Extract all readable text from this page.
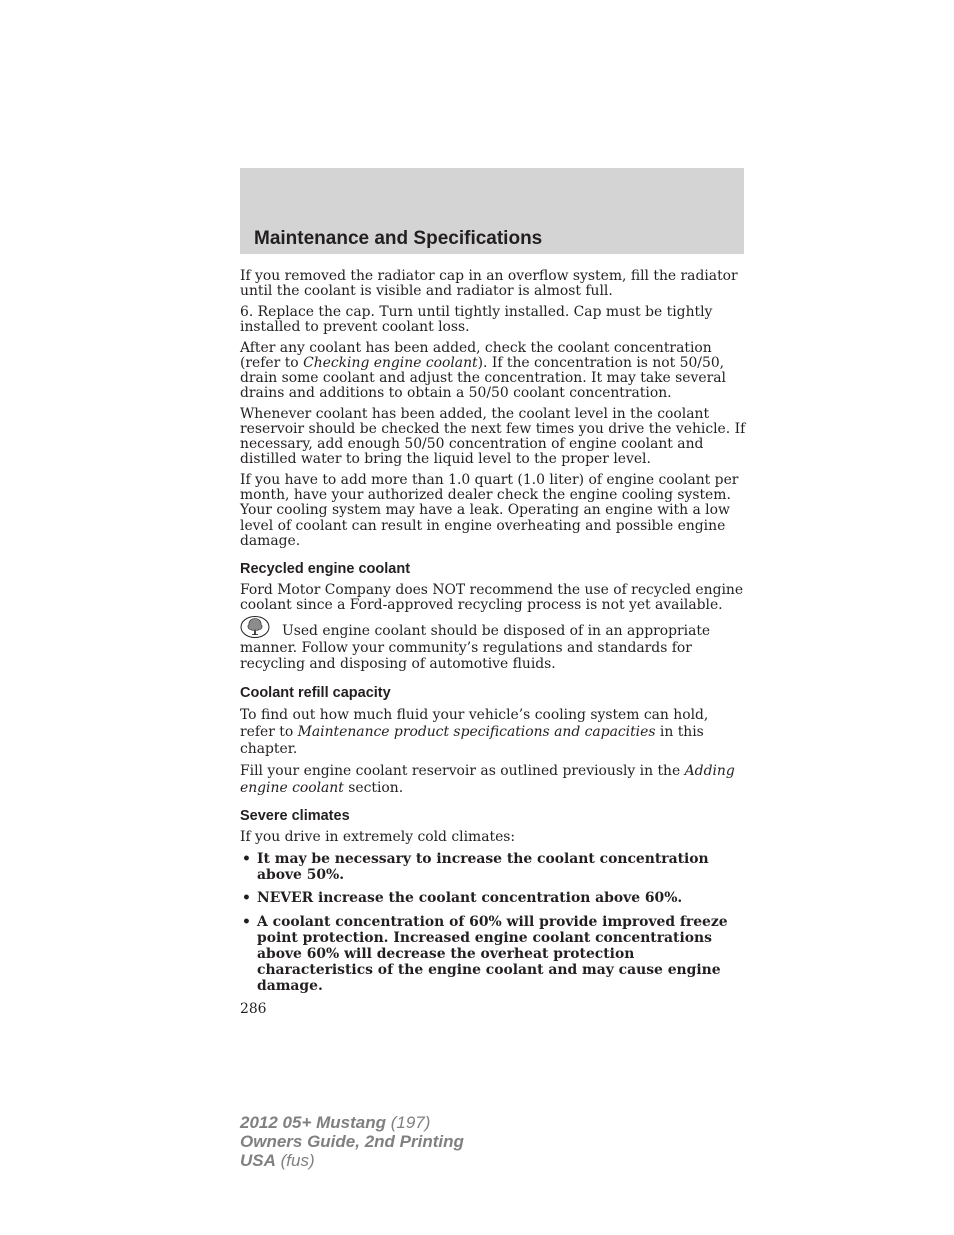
Maintenance and Specifications

If you removed the radiator cap in an overflow system, fill the radiator until the coolant is visible and radiator is almost full.

6. Replace the cap. Turn until tightly installed. Cap must be tightly installed to prevent coolant loss.

After any coolant has been added, check the coolant concentration (refer to Checking engine coolant). If the concentration is not 50/50, drain some coolant and adjust the concentration. It may take several drains and additions to obtain a 50/50 coolant concentration.

Whenever coolant has been added, the coolant level in the coolant reservoir should be checked the next few times you drive the vehicle. If necessary, add enough 50/50 concentration of engine coolant and distilled water to bring the liquid level to the proper level.

If you have to add more than 1.0 quart (1.0 liter) of engine coolant per month, have your authorized dealer check the engine cooling system. Your cooling system may have a leak. Operating an engine with a low level of coolant can result in engine overheating and possible engine damage.

Recycled engine coolant

Ford Motor Company does NOT recommend the use of recycled engine coolant since a Ford-approved recycling process is not yet available.

Used engine coolant should be disposed of in an appropriate manner. Follow your community’s regulations and standards for recycling and disposing of automotive fluids.

Coolant refill capacity

To find out how much fluid your vehicle’s cooling system can hold, refer to Maintenance product specifications and capacities in this chapter.

Fill your engine coolant reservoir as outlined previously in the Adding engine coolant section.

Severe climates

If you drive in extremely cold climates:

• It may be necessary to increase the coolant concentration above 50%.
• NEVER increase the coolant concentration above 60%.
• A coolant concentration of 60% will provide improved freeze point protection. Increased engine coolant concentrations above 60% will decrease the overheat protection characteristics of the engine coolant and may cause engine damage.

286

2012 05+ Mustang (197)
Owners Guide, 2nd Printing
USA (fus)
